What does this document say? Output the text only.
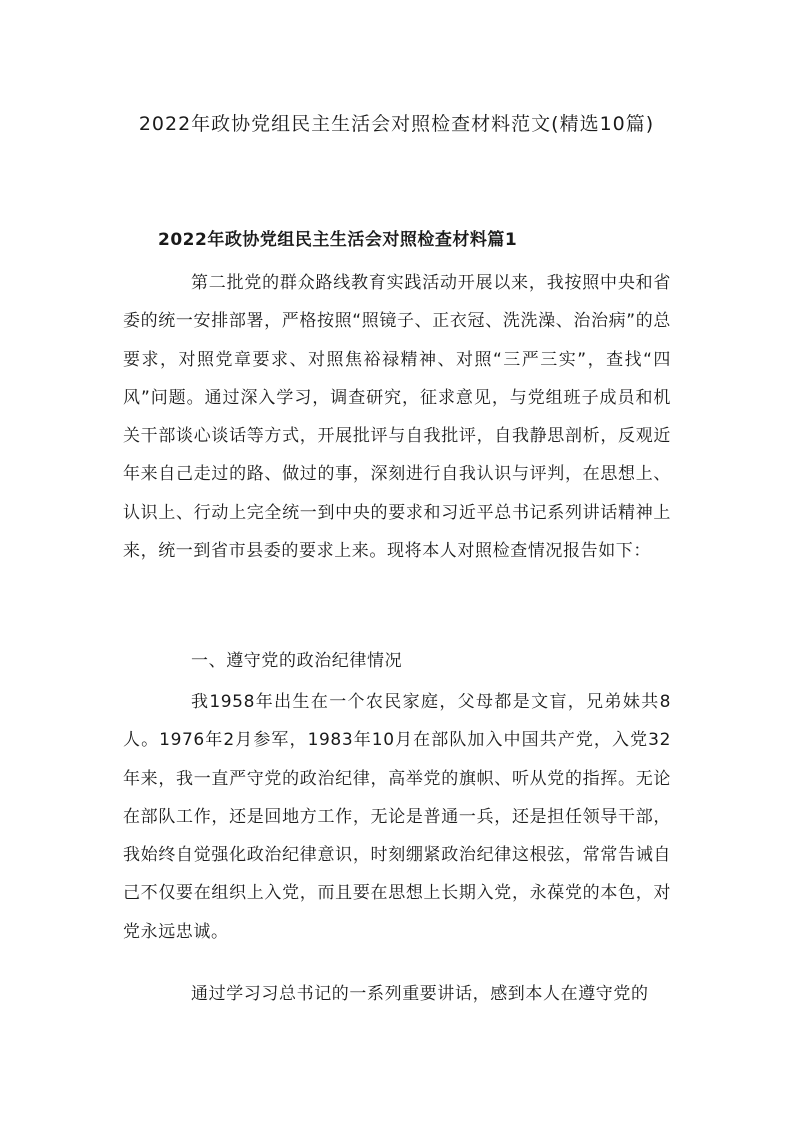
2022年政协党组民主生活会对照检查材料范文(精选10篇)
2022年政协党组民主生活会对照检查材料篇1

第二批党的群众路线教育实践活动开展以来，我按照中央和省委的统一安排部署，严格按照“照镜子、正衣冠、洗洗澡、治治病”的总要求，对照党章要求、对照焦裕禄精神、对照“三严三实”，查找“四风”问题。通过深入学习，调查研究，征求意见，与党组班子成员和机关干部谈心谈话等方式，开展批评与自我批评，自我静思剖析，反观近年来自己走过的路、做过的事，深刻进行自我认识与评判，在思想上、认识上、行动上完全统一到中央的要求和习近平总书记系列讲话精神上来，统一到省市县委的要求上来。现将本人对照检查情况报告如下：

一、遵守党的政治纪律情况

我1958年出生在一个农民家庭，父母都是文盲，兄弟妹共8人。1976年2月参军，1983年10月在部队加入中国共产党，入党32年来，我一直严守党的政治纪律，高举党的旗帜、听从党的指挥。无论在部队工作，还是回地方工作，无论是普通一兵，还是担任领导干部，我始终自觉强化政治纪律意识，时刻绷紧政治纪律这根弦，常常告诫自己不仅要在组织上入党，而且要在思想上长期入党，永葆党的本色，对党永远忠诚。

通过学习习总书记的一系列重要讲话，感到本人在遵守党的
